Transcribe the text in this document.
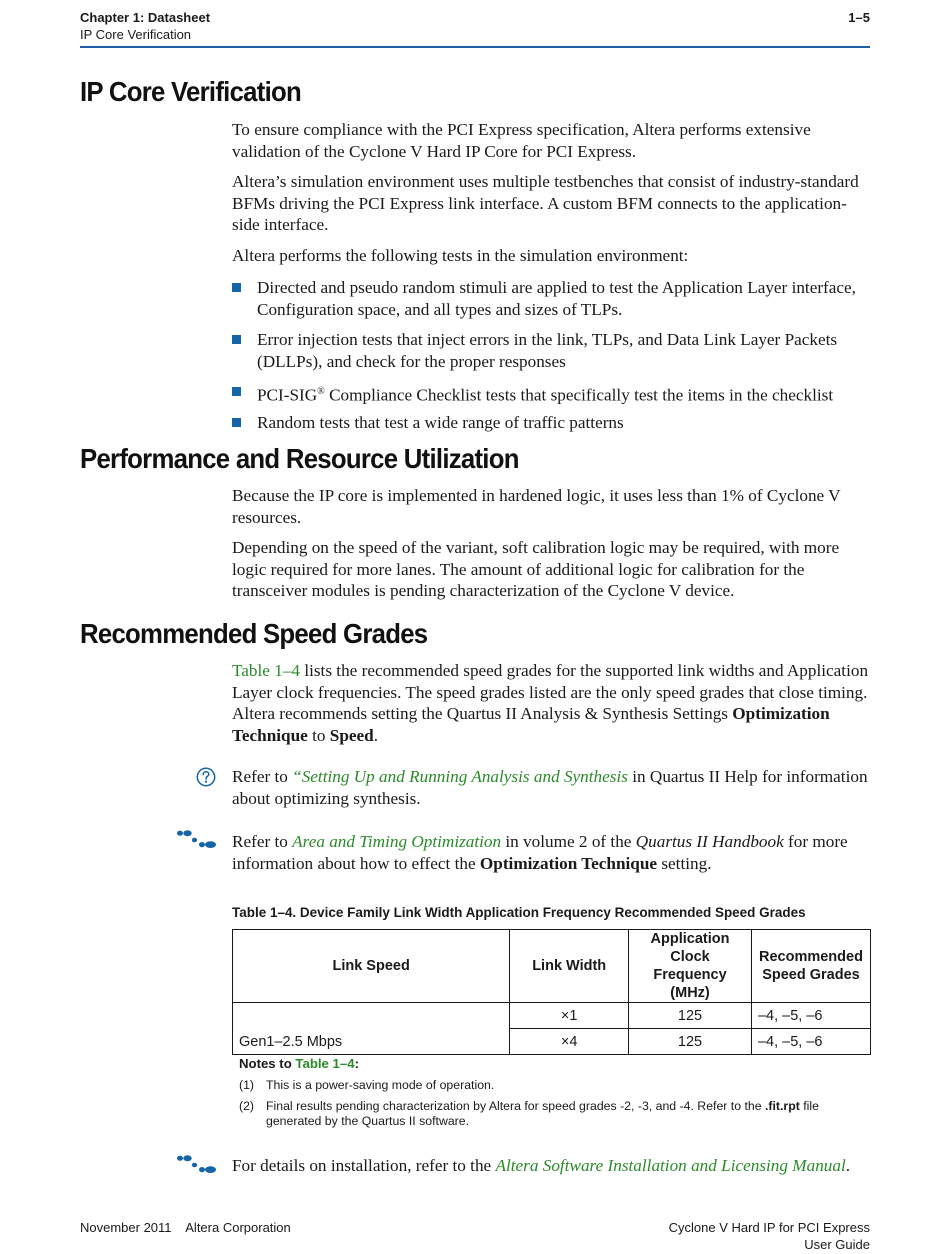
Chapter 1: Datasheet
IP Core Verification
1–5
IP Core Verification

To ensure compliance with the PCI Express specification, Altera performs extensive validation of the Cyclone V Hard IP Core for PCI Express.

Altera’s simulation environment uses multiple testbenches that consist of industry-standard BFMs driving the PCI Express link interface. A custom BFM connects to the application-side interface.

Altera performs the following tests in the simulation environment:

Directed and pseudo random stimuli are applied to test the Application Layer interface, Configuration space, and all types and sizes of TLPs.

Error injection tests that inject errors in the link, TLPs, and Data Link Layer Packets (DLLPs), and check for the proper responses

PCI-SIG® Compliance Checklist tests that specifically test the items in the checklist

Random tests that test a wide range of traffic patterns

Performance and Resource Utilization

Because the IP core is implemented in hardened logic, it uses less than 1% of Cyclone V resources.

Depending on the speed of the variant, soft calibration logic may be required, with more logic required for more lanes. The amount of additional logic for calibration for the transceiver modules is pending characterization of the Cyclone V device.

Recommended Speed Grades

Table 1–4 lists the recommended speed grades for the supported link widths and Application Layer clock frequencies. The speed grades listed are the only speed grades that close timing. Altera recommends setting the Quartus II Analysis & Synthesis Settings Optimization Technique to Speed.

Refer to “Setting Up and Running Analysis and Synthesis in Quartus II Help for information about optimizing synthesis.

Refer to Area and Timing Optimization in volume 2 of the Quartus II Handbook for more information about how to effect the Optimization Technique setting.

Table 1–4. Device Family Link Width Application Frequency Recommended Speed Grades

Link Speed	Link Width	Application Clock Frequency (MHz)	Recommended Speed Grades
Gen1–2.5 Mbps	×1	125	–4, –5, –6
	×4	125	–4, –5, –6
Notes to Table 1–4:
(1) This is a power-saving mode of operation.
(2) Final results pending characterization by Altera for speed grades -2, -3, and -4. Refer to the .fit.rpt file generated by the Quartus II software.

For details on installation, refer to the Altera Software Installation and Licensing Manual.

November 2011    Altera Corporation	Cyclone V Hard IP for PCI Express
User Guide
